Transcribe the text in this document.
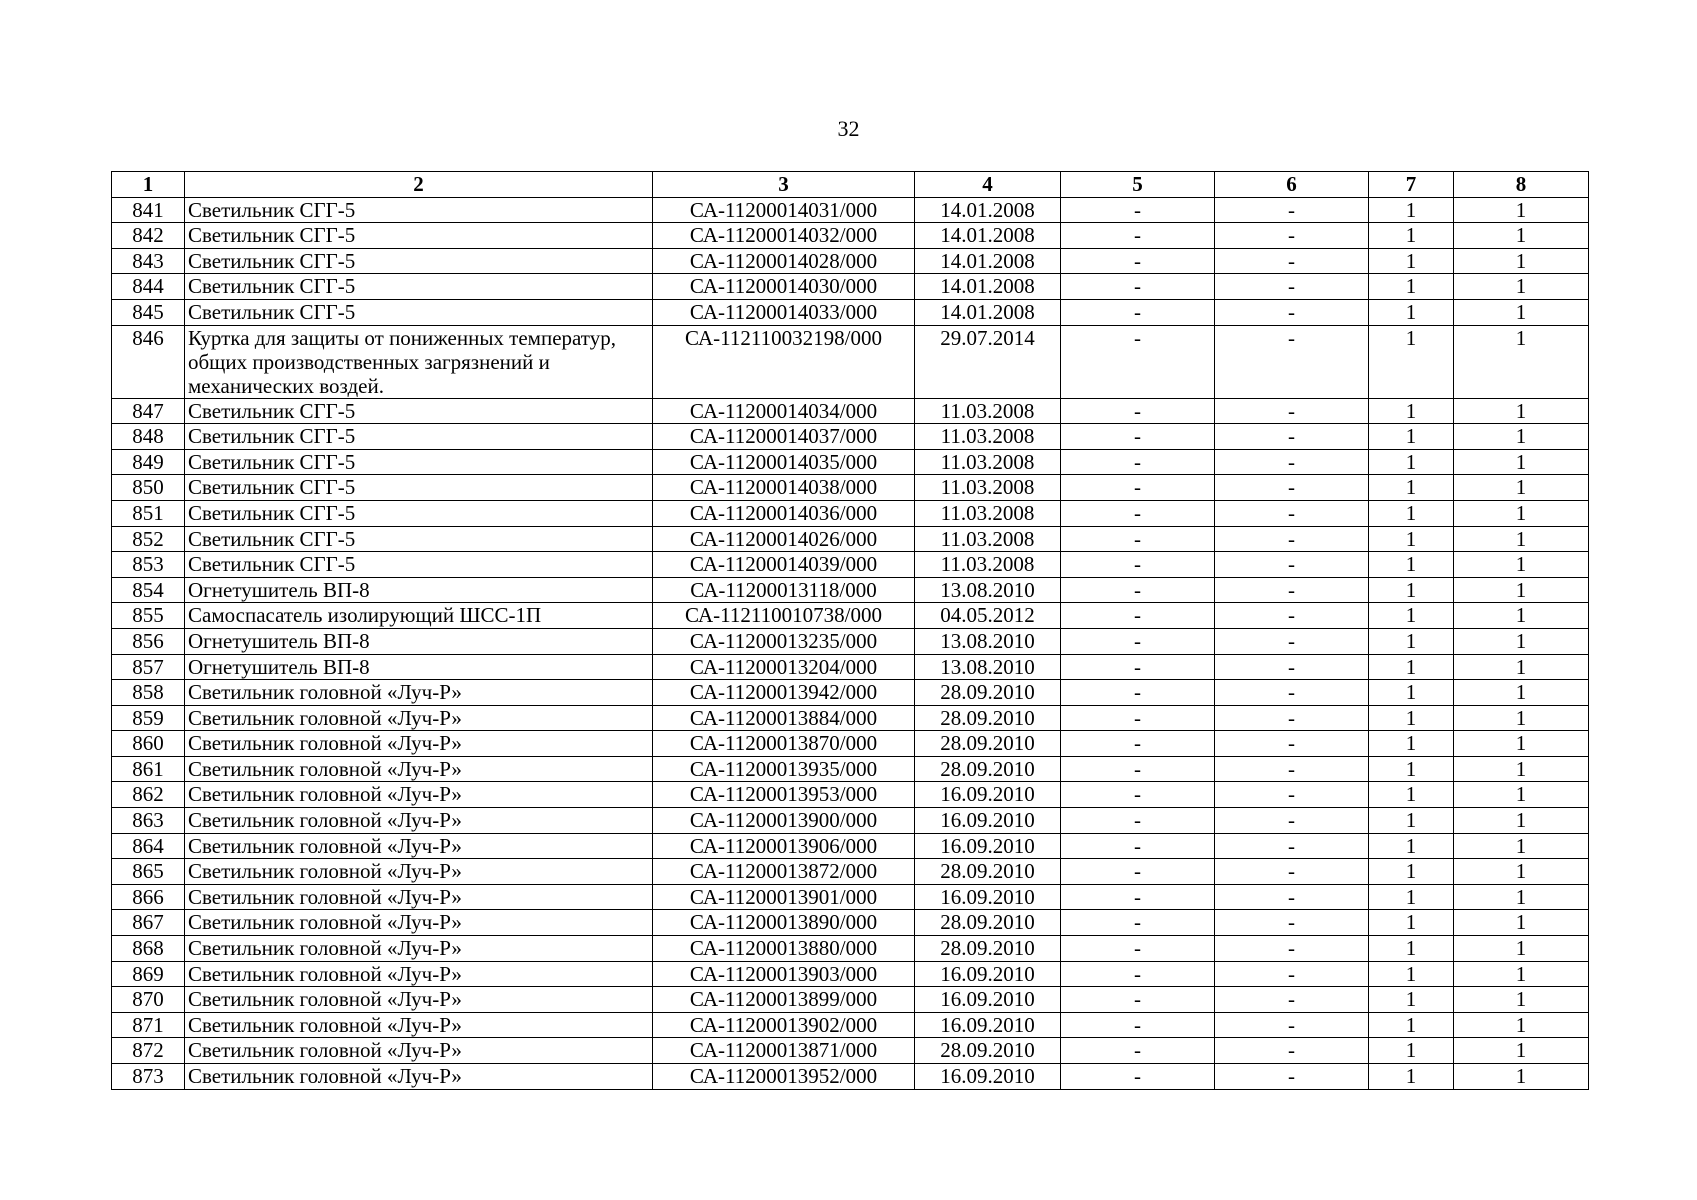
32
1	2	3	4	5	6	7	8
841	Светильник СГГ-5	СА-11200014031/000	14.01.2008	-	-	1	1
842	Светильник СГГ-5	СА-11200014032/000	14.01.2008	-	-	1	1
843	Светильник СГГ-5	СА-11200014028/000	14.01.2008	-	-	1	1
844	Светильник СГГ-5	СА-11200014030/000	14.01.2008	-	-	1	1
845	Светильник СГГ-5	СА-11200014033/000	14.01.2008	-	-	1	1
846	Куртка для защиты от пониженных температур, общих производственных загрязнений и механических воздей.	СА-112110032198/000	29.07.2014	-	-	1	1
847	Светильник СГГ-5	СА-11200014034/000	11.03.2008	-	-	1	1
848	Светильник СГГ-5	СА-11200014037/000	11.03.2008	-	-	1	1
849	Светильник СГГ-5	СА-11200014035/000	11.03.2008	-	-	1	1
850	Светильник СГГ-5	СА-11200014038/000	11.03.2008	-	-	1	1
851	Светильник СГГ-5	СА-11200014036/000	11.03.2008	-	-	1	1
852	Светильник СГГ-5	СА-11200014026/000	11.03.2008	-	-	1	1
853	Светильник СГГ-5	СА-11200014039/000	11.03.2008	-	-	1	1
854	Огнетушитель ВП-8	СА-11200013118/000	13.08.2010	-	-	1	1
855	Самоспасатель изолирующий ШСС-1П	СА-112110010738/000	04.05.2012	-	-	1	1
856	Огнетушитель ВП-8	СА-11200013235/000	13.08.2010	-	-	1	1
857	Огнетушитель ВП-8	СА-11200013204/000	13.08.2010	-	-	1	1
858	Светильник головной «Луч-Р»	СА-11200013942/000	28.09.2010	-	-	1	1
859	Светильник головной «Луч-Р»	СА-11200013884/000	28.09.2010	-	-	1	1
860	Светильник головной «Луч-Р»	СА-11200013870/000	28.09.2010	-	-	1	1
861	Светильник головной «Луч-Р»	СА-11200013935/000	28.09.2010	-	-	1	1
862	Светильник головной «Луч-Р»	СА-11200013953/000	16.09.2010	-	-	1	1
863	Светильник головной «Луч-Р»	СА-11200013900/000	16.09.2010	-	-	1	1
864	Светильник головной «Луч-Р»	СА-11200013906/000	16.09.2010	-	-	1	1
865	Светильник головной «Луч-Р»	СА-11200013872/000	28.09.2010	-	-	1	1
866	Светильник головной «Луч-Р»	СА-11200013901/000	16.09.2010	-	-	1	1
867	Светильник головной «Луч-Р»	СА-11200013890/000	28.09.2010	-	-	1	1
868	Светильник головной «Луч-Р»	СА-11200013880/000	28.09.2010	-	-	1	1
869	Светильник головной «Луч-Р»	СА-11200013903/000	16.09.2010	-	-	1	1
870	Светильник головной «Луч-Р»	СА-11200013899/000	16.09.2010	-	-	1	1
871	Светильник головной «Луч-Р»	СА-11200013902/000	16.09.2010	-	-	1	1
872	Светильник головной «Луч-Р»	СА-11200013871/000	28.09.2010	-	-	1	1
873	Светильник головной «Луч-Р»	СА-11200013952/000	16.09.2010	-	-	1	1
